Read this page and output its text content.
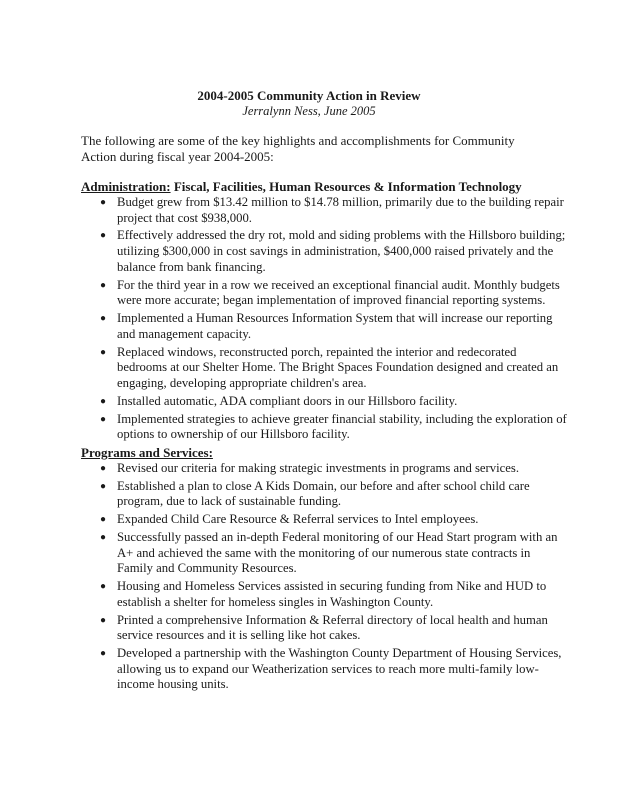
2004-2005 Community Action in Review
Jerralynn Ness, June 2005
The following are some of the key highlights and accomplishments for Community Action during fiscal year 2004-2005:

Administration: Fiscal, Facilities, Human Resources & Information Technology

● Budget grew from $13.42 million to $14.78 million, primarily due to the building repair project that cost $938,000.
● Effectively addressed the dry rot, mold and siding problems with the Hillsboro building; utilizing $300,000 in cost savings in administration, $400,000 raised privately and the balance from bank financing.
● For the third year in a row we received an exceptional financial audit. Monthly budgets were more accurate; began implementation of improved financial reporting systems.
● Implemented a Human Resources Information System that will increase our reporting and management capacity.
● Replaced windows, reconstructed porch, repainted the interior and redecorated bedrooms at our Shelter Home. The Bright Spaces Foundation designed and created an engaging, developing appropriate children's area.
● Installed automatic, ADA compliant doors in our Hillsboro facility.
● Implemented strategies to achieve greater financial stability, including the exploration of options to ownership of our Hillsboro facility.

Programs and Services:

● Revised our criteria for making strategic investments in programs and services.
● Established a plan to close A Kids Domain, our before and after school child care program, due to lack of sustainable funding.
● Expanded Child Care Resource & Referral services to Intel employees.
● Successfully passed an in-depth Federal monitoring of our Head Start program with an A+ and achieved the same with the monitoring of our numerous state contracts in Family and Community Resources.
● Housing and Homeless Services assisted in securing funding from Nike and HUD to establish a shelter for homeless singles in Washington County.
● Printed a comprehensive Information & Referral directory of local health and human service resources and it is selling like hot cakes.
● Developed a partnership with the Washington County Department of Housing Services, allowing us to expand our Weatherization services to reach more multi-family low-income housing units.
